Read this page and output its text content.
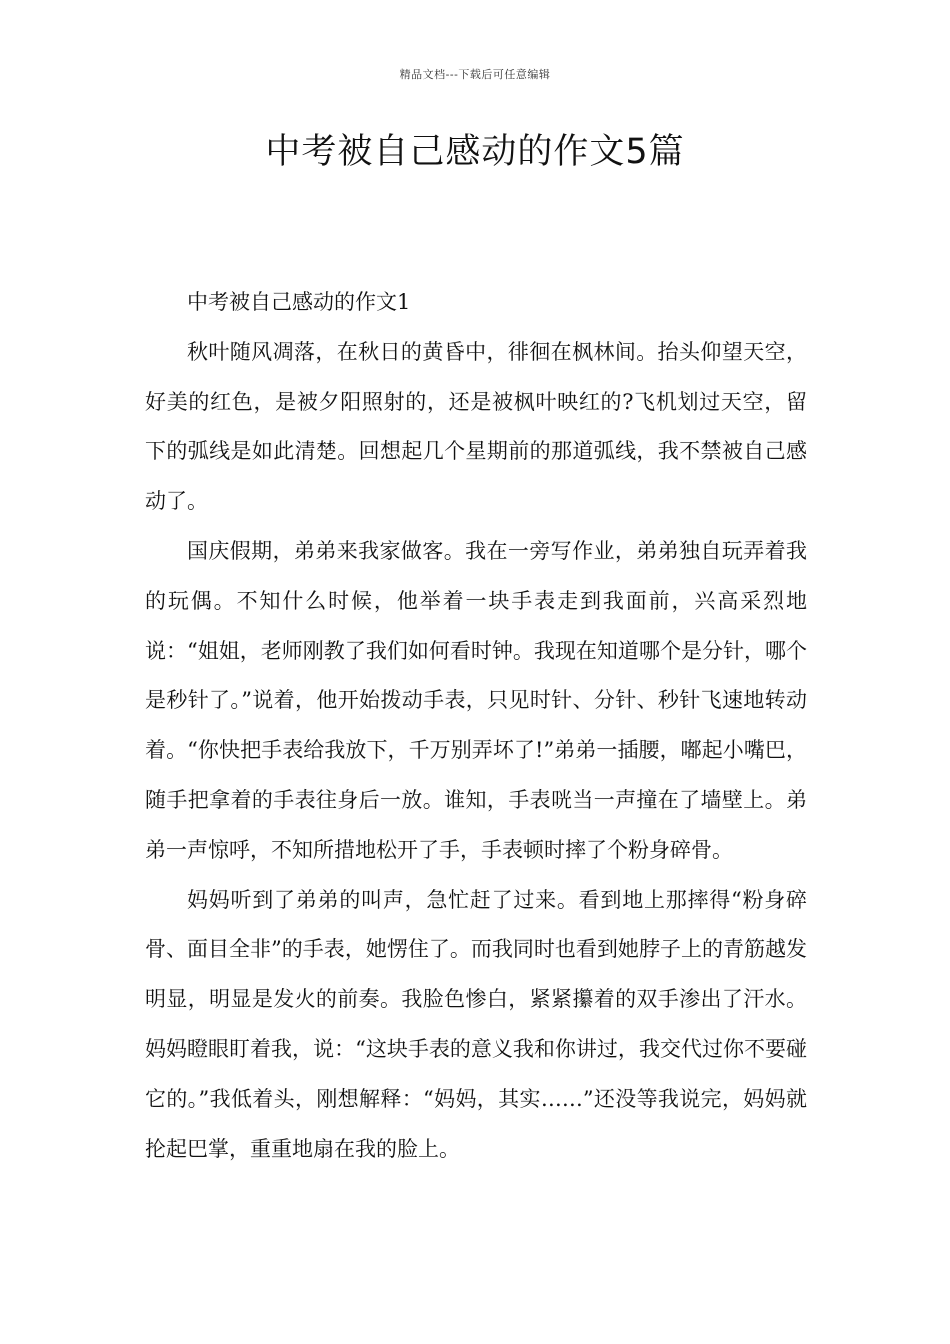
精品文档---下载后可任意编辑
中考被自己感动的作文5篇

中考被自己感动的作文1

秋叶随风凋落，在秋日的黄昏中，徘徊在枫林间。抬头仰望天空，好美的红色，是被夕阳照射的，还是被枫叶映红的?飞机划过天空，留下的弧线是如此清楚。回想起几个星期前的那道弧线，我不禁被自己感动了。

国庆假期，弟弟来我家做客。我在一旁写作业，弟弟独自玩弄着我的玩偶。不知什么时候，他举着一块手表走到我面前，兴高采烈地说：“姐姐，老师刚教了我们如何看时钟。我现在知道哪个是分针，哪个是秒针了。”说着，他开始拨动手表，只见时针、分针、秒针飞速地转动着。“你快把手表给我放下，千万别弄坏了!”弟弟一插腰，嘟起小嘴巴，随手把拿着的手表往身后一放。谁知，手表咣当一声撞在了墙壁上。弟弟一声惊呼，不知所措地松开了手，手表顿时摔了个粉身碎骨。

妈妈听到了弟弟的叫声，急忙赶了过来。看到地上那摔得“粉身碎骨、面目全非”的手表，她愣住了。而我同时也看到她脖子上的青筋越发明显，明显是发火的前奏。我脸色惨白，紧紧攥着的双手渗出了汗水。妈妈瞪眼盯着我，说：“这块手表的意义我和你讲过，我交代过你不要碰它的。”我低着头，刚想解释：“妈妈，其实……”还没等我说完，妈妈就抡起巴掌，重重地扇在我的脸上。
